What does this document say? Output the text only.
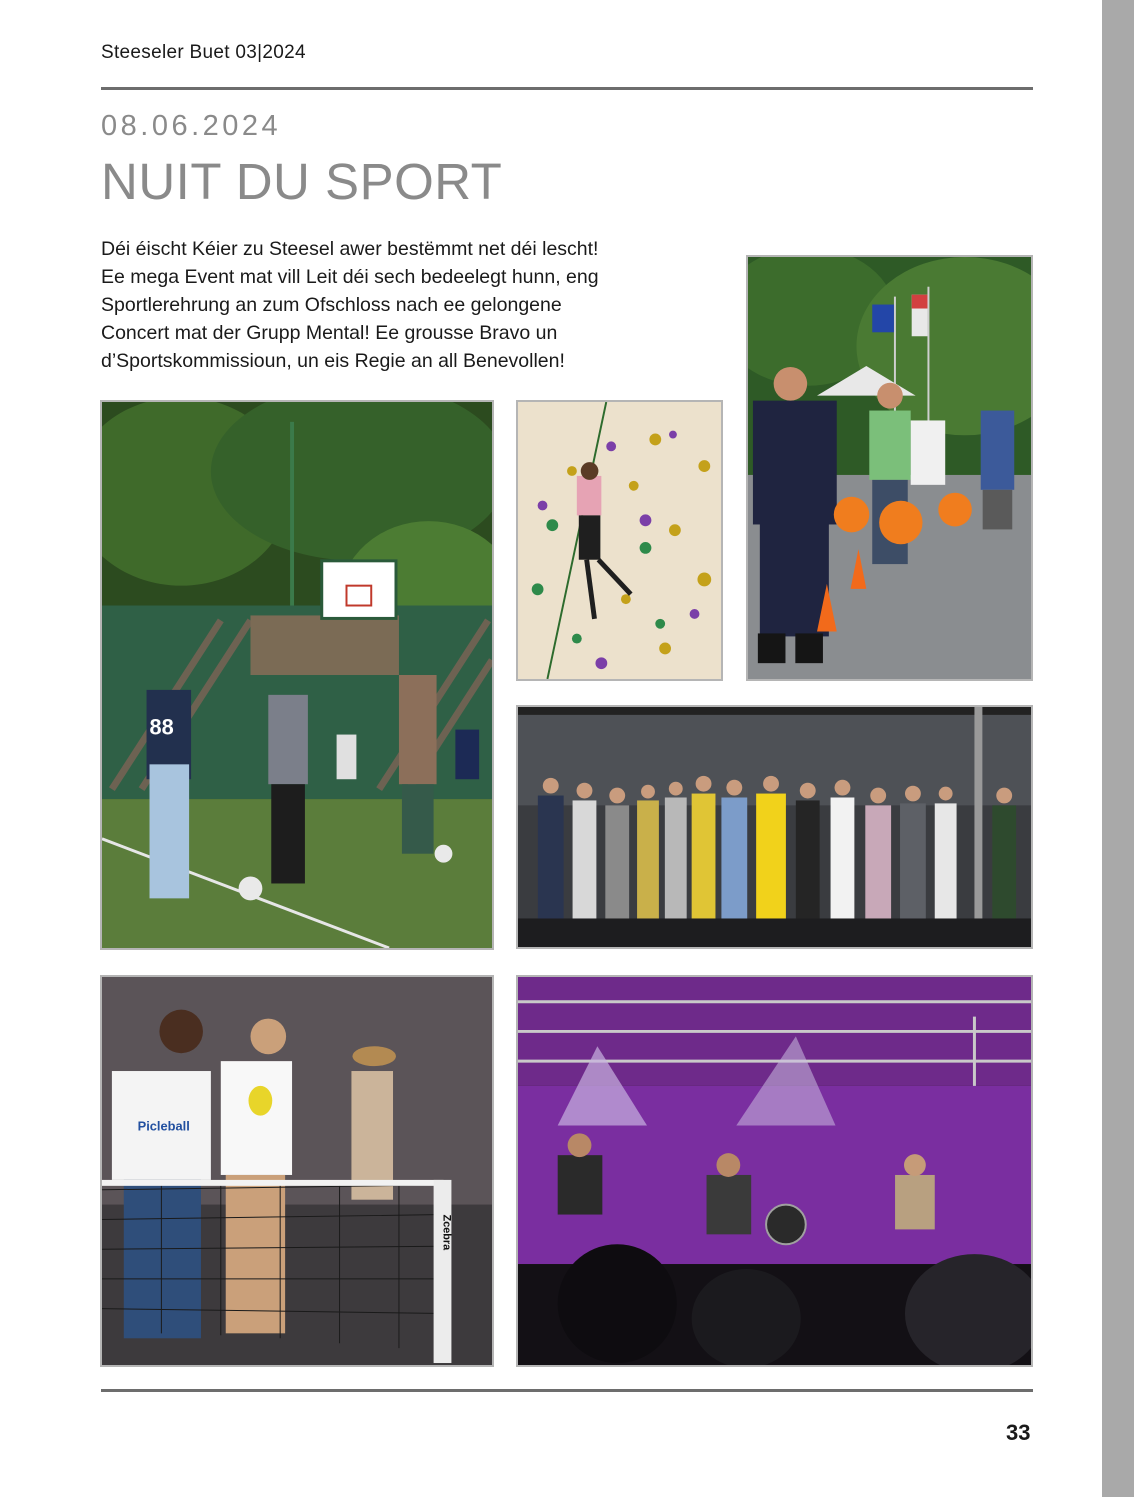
Steeseler Buet 03|2024
08.06.2024
NUIT DU SPORT
Déi éischt Kéier zu Steesel awer bestëmmt net déi lescht!
Ee mega Event mat vill Leit déi sech bedeelegt hunn, eng
Sportlerehrung an zum Ofschloss nach ee gelongene
Concert mat der Grupp Mental! Ee grousse Bravo un
d’Sportskommissioun, un eis Regie an all Benevollen!
88
Picleball
Zcebra
33
